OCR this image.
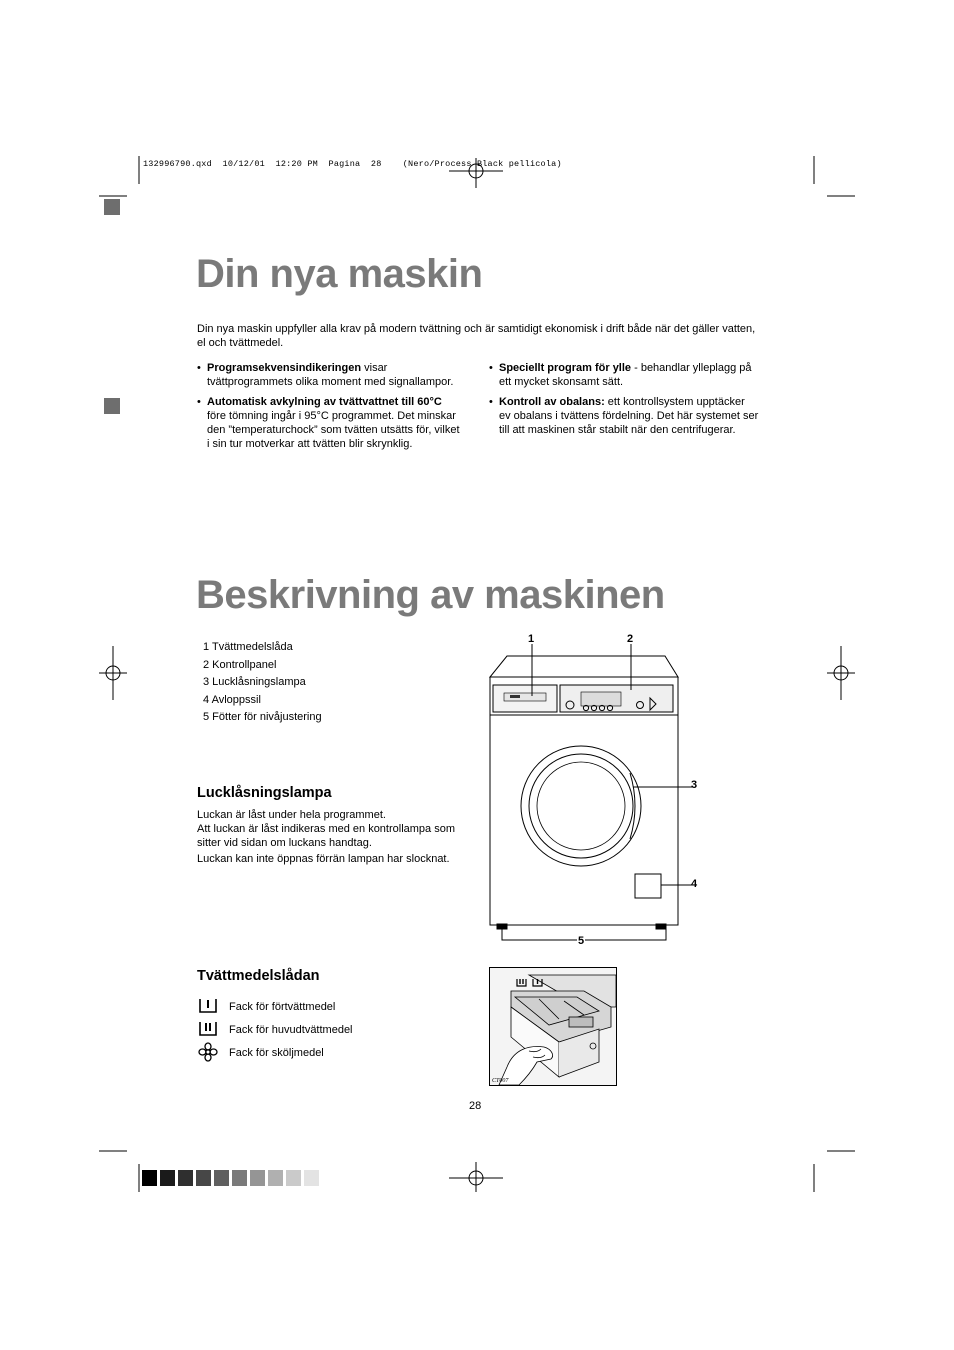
132996790.qxd  10/12/01  12:20 PM  Pagina  28    (Nero/Process Black pellicola)
Din nya maskin
Din nya maskin uppfyller alla krav på modern tvättning och är samtidigt ekonomisk i drift både när det gäller vatten, el och tvättmedel.
• Programsekvensindikeringen visar tvättprogrammets olika moment med signallampor.
• Automatisk avkylning av tvättvattnet till 60°C före tömning ingår i 95°C programmet. Det minskar den ”temperaturchock” som tvätten utsätts för, vilket i sin tur motverkar att tvätten blir skrynklig.
• Speciellt program för ylle - behandlar ylleplagg på ett mycket skonsamt sätt.
• Kontroll av obalans: ett kontrollsystem upptäcker ev obalans i tvättens fördelning. Det här systemet ser till att maskinen står stabilt när den centrifugerar.
Beskrivning av maskinen
1 Tvättmedelslåda
2 Kontrollpanel
3 Lucklåsningslampa
4 Avloppssil
5 Fötter för nivåjustering
1	2
3
4
5
Lucklåsningslampa
Luckan är låst under hela programmet.
Att luckan är låst indikeras med en kontrollampa som sitter vid sidan om luckans handtag.
Luckan kan inte öppnas förrän lampan har slocknat.
Tvättmedelslådan
Fack för förtvättmedel
Fack för huvudtvättmedel
Fack för sköljmedel
CT007
28
